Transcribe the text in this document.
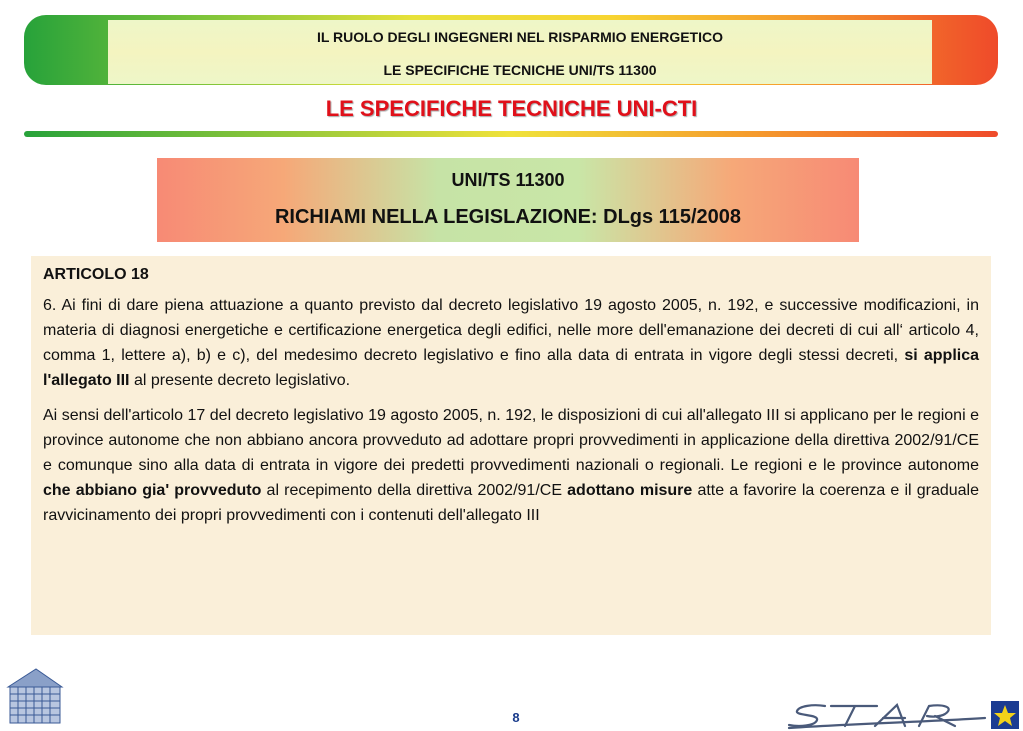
IL RUOLO DEGLI INGEGNERI NEL RISPARMIO ENERGETICO
LE SPECIFICHE TECNICHE UNI/TS 11300
LE SPECIFICHE TECNICHE UNI-CTI
UNI/TS 11300
RICHIAMI NELLA LEGISLAZIONE: DLgs 115/2008
ARTICOLO 18

6. Ai fini di dare piena attuazione a quanto previsto dal decreto legislativo 19 agosto 2005, n. 192, e successive modificazioni, in materia di diagnosi energetiche e certificazione energetica degli edifici, nelle more dell'emanazione dei decreti di cui all‘ articolo 4, comma 1, lettere a), b) e c), del medesimo decreto legislativo e fino alla data di entrata in vigore degli stessi decreti, si applica l'allegato III al presente decreto legislativo.

Ai sensi dell'articolo 17 del decreto legislativo 19 agosto 2005, n. 192, le disposizioni di cui all'allegato III si applicano per le regioni e province autonome che non abbiano ancora provveduto ad adottare propri provvedimenti in applicazione della direttiva 2002/91/CE e comunque sino alla data di entrata in vigore dei predetti provvedimenti nazionali o regionali. Le regioni e le province autonome che abbiano gia' provveduto al recepimento della direttiva 2002/91/CE adottano misure atte a favorire la coerenza e il graduale ravvicinamento dei propri provvedimenti con i contenuti dell'allegato III

8
